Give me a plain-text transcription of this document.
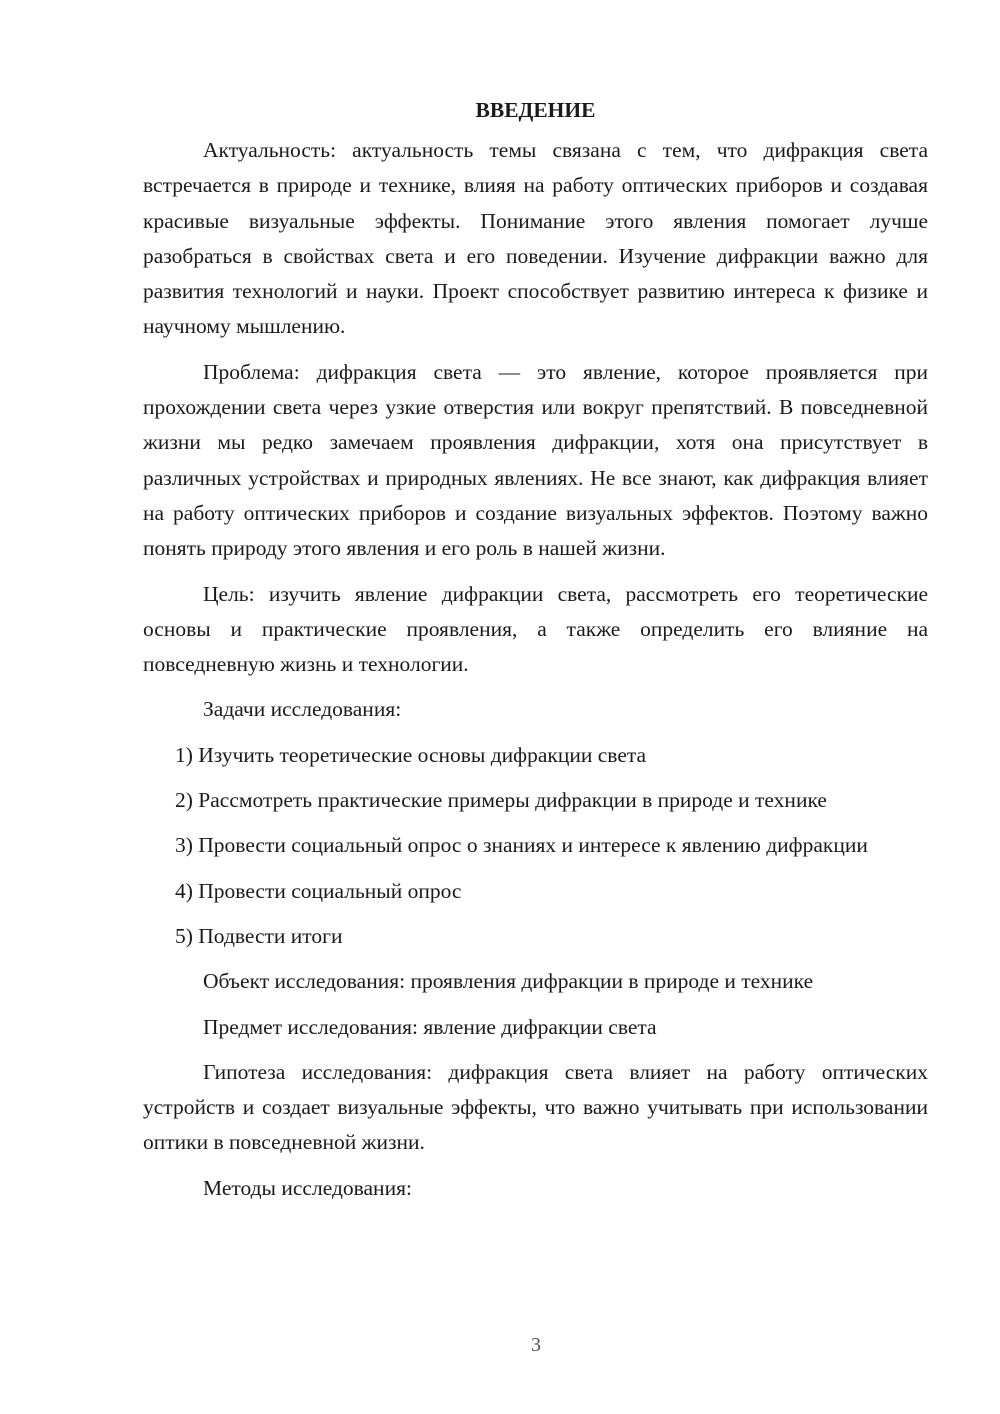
ВВЕДЕНИЕ
Актуальность: актуальность темы связана с тем, что дифракция света встречается в природе и технике, влияя на работу оптических приборов и создавая красивые визуальные эффекты. Понимание этого явления помогает лучше разобраться в свойствах света и его поведении. Изучение дифракции важно для развития технологий и науки. Проект способствует развитию интереса к физике и научному мышлению.
Проблема: дифракция света — это явление, которое проявляется при прохождении света через узкие отверстия или вокруг препятствий. В повседневной жизни мы редко замечаем проявления дифракции, хотя она присутствует в различных устройствах и природных явлениях. Не все знают, как дифракция влияет на работу оптических приборов и создание визуальных эффектов. Поэтому важно понять природу этого явления и его роль в нашей жизни.
Цель: изучить явление дифракции света, рассмотреть его теоретические основы и практические проявления, а также определить его влияние на повседневную жизнь и технологии.
Задачи исследования:
1) Изучить теоретические основы дифракции света
2) Рассмотреть практические примеры дифракции в природе и технике
3) Провести социальный опрос о знаниях и интересе к явлению дифракции
4) Провести социальный опрос
5) Подвести итоги
Объект исследования: проявления дифракции в природе и технике
Предмет исследования: явление дифракции света
Гипотеза исследования: дифракция света влияет на работу оптических устройств и создает визуальные эффекты, что важно учитывать при использовании оптики в повседневной жизни.
Методы исследования:
3
